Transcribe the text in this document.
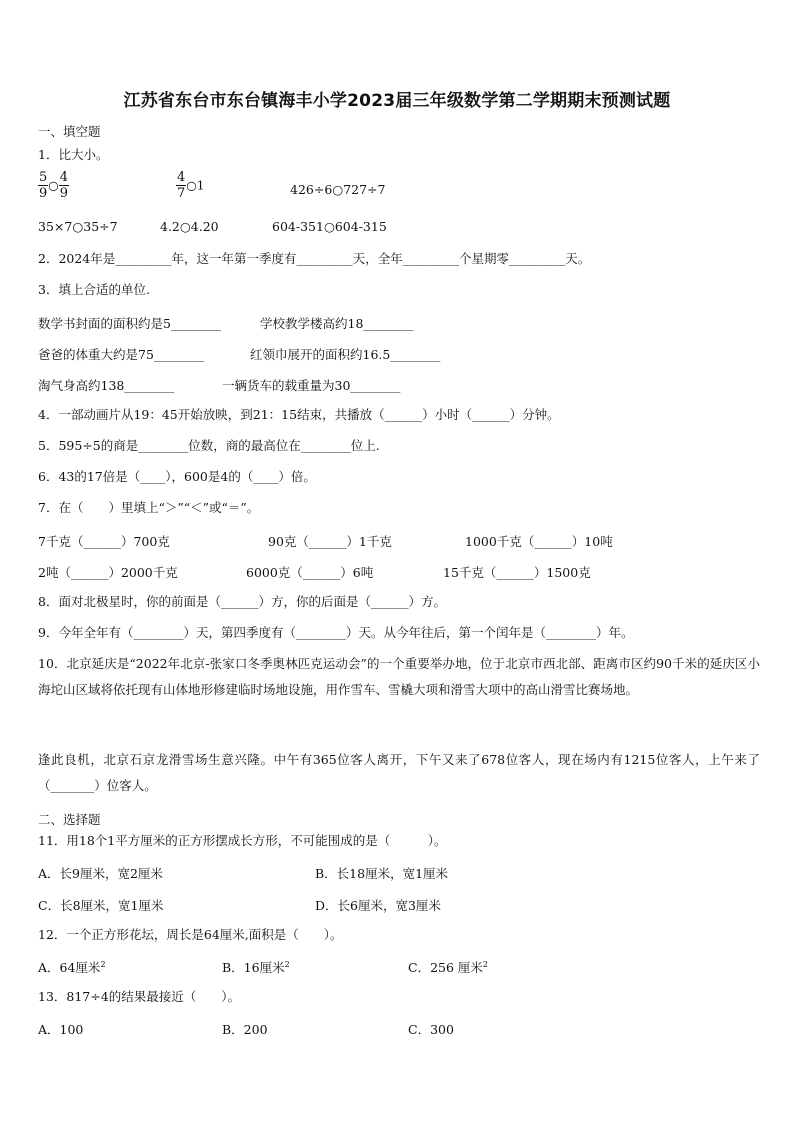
江苏省东台市东台镇海丰小学2023届三年级数学第二学期期末预测试题
一、填空题
1．比大小。
$\frac{5}{9}$ ○ $\frac{4}{9}$	$\frac{4}{7}$ ○1	426÷6○727÷7
35×7○35÷7	4.2○4.20	604-351○604-315
2．2024年是_________年，这一年第一季度有_________天，全年_________个星期零_________天。
3．填上合适的单位.
数学书封面的面积约是5________	学校教学楼高约18________
爸爸的体重大约是75________	红领巾展开的面积约16.5________
淘气身高约138________	一辆货车的载重量为30________
4．一部动画片从19：45开始放映，到21：15结束，共播放（______）小时（______）分钟。
5．595÷5的商是________位数，商的最高位在________位上.
6．43的17倍是（____），600是4的（____）倍。
7．在（　　）里填上“＞”“＜”或“＝”。
7千克（______）700克	90克（______）1千克	1000千克（______）10吨
2吨（______）2000千克	6000克（______）6吨	15千克（______）1500克
8．面对北极星时，你的前面是（______）方，你的后面是（______）方。
9．今年全年有（________）天，第四季度有（________）天。从今年往后，第一个闰年是（________）年。
10．北京延庆是“2022年北京-张家口冬季奥林匹克运动会”的一个重要举办地，位于北京市西北部、距离市区约90千米的延庆区小海坨山区域将依托现有山体地形修建临时场地设施，用作雪车、雪橇大项和滑雪大项中的高山滑雪比赛场地。
逢此良机，北京石京龙滑雪场生意兴隆。中午有365位客人离开，下午又来了678位客人，现在场内有1215位客人，上午来了（_______）位客人。
二、选择题
11．用18个1平方厘米的正方形摆成长方形，不可能围成的是（　　　）。
A．长9厘米，宽2厘米	B．长18厘米，宽1厘米
C．长8厘米，宽1厘米	D．长6厘米，宽3厘米
12．一个正方形花坛，周长是64厘米,面积是（　　）。
A．64厘米$^2$	B．16厘米$^2$	C．256 厘米$^2$
13．817÷4的结果最接近（　　）。
A．100	B．200	C．300
